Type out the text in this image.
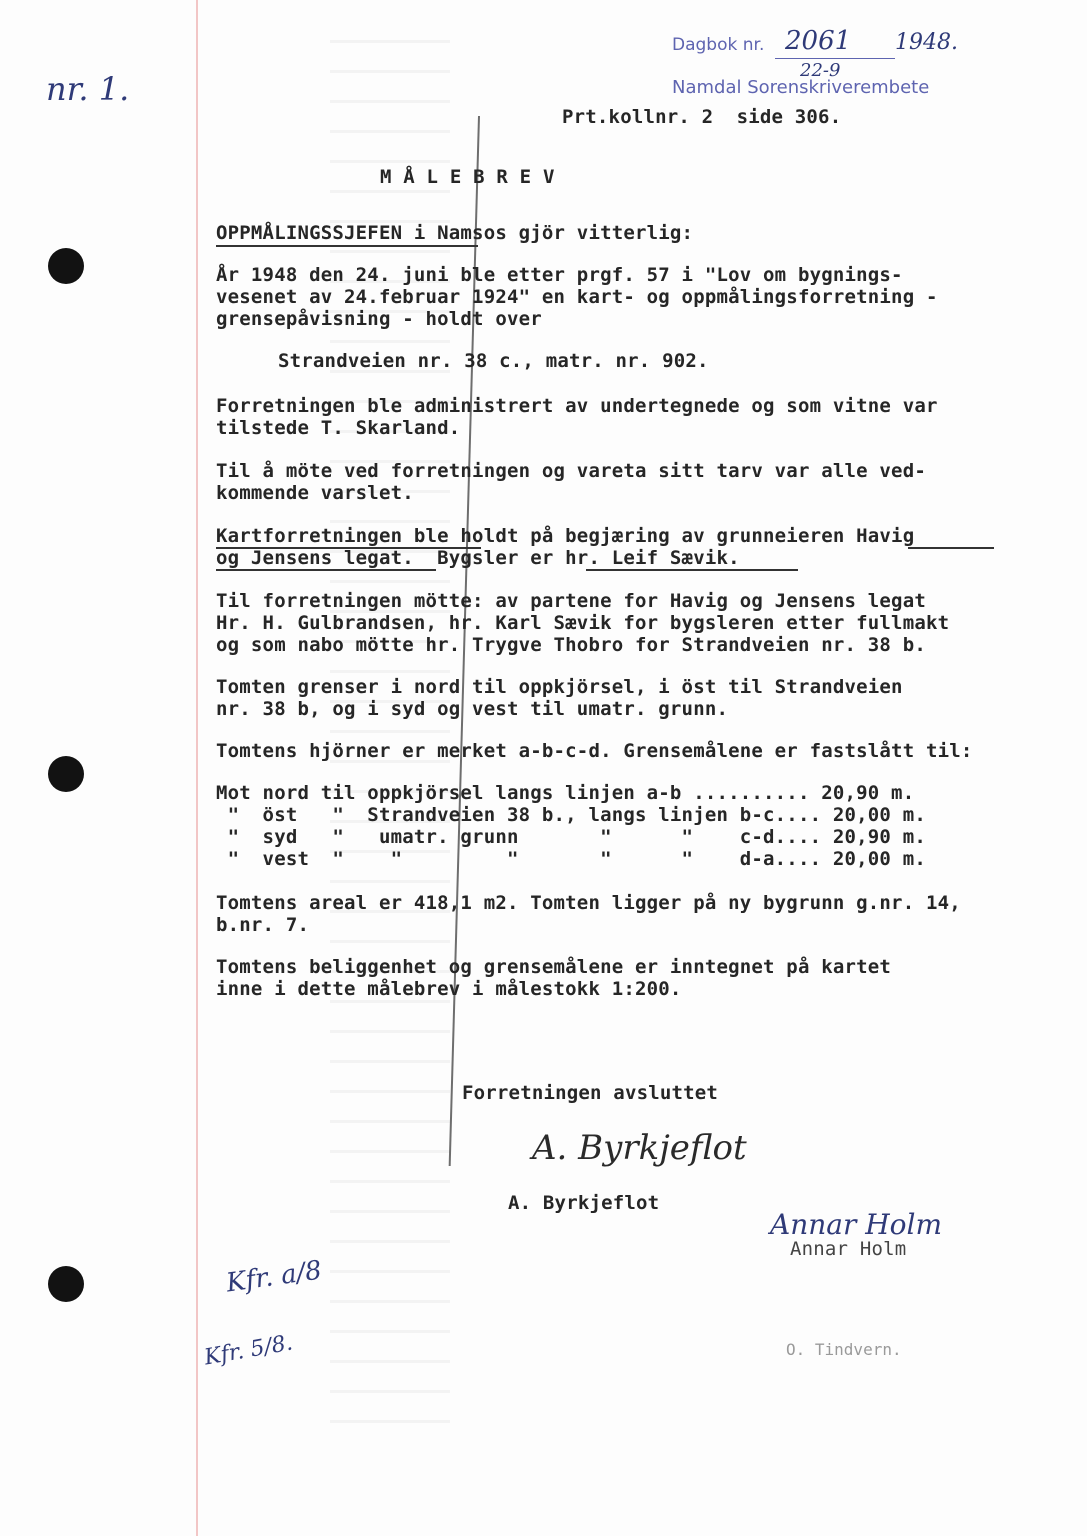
Dagbok nr. 2061 1948.
22-9
Namdal Sorenskriverembete
nr. 1.
Prt.kollnr. 2  side 306.
M Å L E B R E V
OPPMÅLINGSSJEFEN i Namsos gjör vitterlig:
År 1948 den 24. juni ble etter prgf. 57 i "Lov om bygnings-
vesenet av 24.februar 1924" en kart- og oppmålingsforretning -
grensepåvisning - holdt over
Strandveien nr. 38 c., matr. nr. 902.
Forretningen ble administrert av undertegnede og som vitne var
tilstede T. Skarland.
Til å möte ved forretningen og vareta sitt tarv var alle ved-
kommende varslet.
Kartforretningen ble holdt på begjæring av grunneieren Havig
og Jensens legat.  Bygsler er hr. Leif Sævik.
Til forretningen mötte: av partene for Havig og Jensens legat
Hr. H. Gulbrandsen, hr. Karl Sævik for bygsleren etter fullmakt
og som nabo mötte hr. Trygve Thobro for Strandveien nr. 38 b.
Tomten grenser i nord til oppkjörsel, i öst til Strandveien
nr. 38 b, og i syd og vest til umatr. grunn.
Tomtens hjörner er merket a-b-c-d. Grensemålene er fastslått til:
Mot nord til oppkjörsel langs linjen a-b .......... 20,90 m.
"  öst   "  Strandveien 38 b., langs linjen b-c.... 20,00 m.
"  syd   "   umatr. grunn       "      "    c-d.... 20,90 m.
"  vest  "    "         "       "      "    d-a.... 20,00 m.
Tomtens areal er 418,1 m2. Tomten ligger på ny bygrunn g.nr. 14,
b.nr. 7.
Tomtens beliggenhet og grensemålene er inntegnet på kartet
inne i dette målebrev i målestokk 1:200.
Forretningen avsluttet
A. Byrkjeflot
A. Byrkjeflot
Annar Holm
Annar Holm
O. Tindvern.
Kfr. a/8
Kfr. 5/8.
